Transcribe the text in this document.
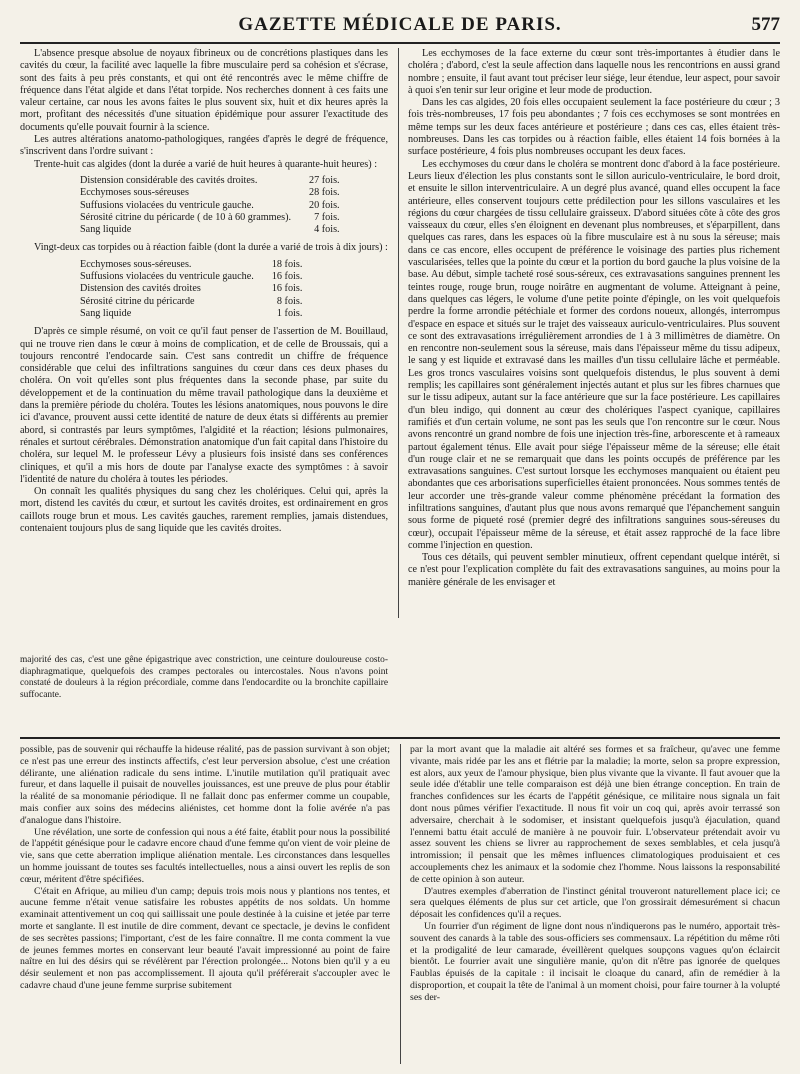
GAZETTE MÉDICALE DE PARIS.	577

L'absence presque absolue de noyaux fibrineux ou de concrétions plastiques dans les cavités du cœur, la facilité avec laquelle la fibre musculaire perd sa cohésion et s'écrase, sont des faits à peu près constants, et qui ont été rencontrés avec le même chiffre de fréquence dans l'état algide et dans l'état torpide. Nos recherches donnent à ces faits une valeur certaine, car nous les avons faites le plus souvent six, huit et dix heures après la mort, profitant des nécessités d'une situation épidémique pour assurer l'exactitude des documents qu'elle pouvait fournir à la science.

Les autres altérations anatomo-pathologiques, rangées d'après le degré de fréquence, s'inscrivent dans l'ordre suivant :

Trente-huit cas algides (dont la durée a varié de huit heures à quarante-huit heures) :

Distension considérable des cavités droites.	27 fois.
Ecchymoses sous-séreuses	28 fois.
Suffusions violacées du ventricule gauche.	20 fois.
Sérosité citrine du péricarde ( de 10 à 60 grammes).	7 fois.
Sang liquide	4 fois.

Vingt-deux cas torpides ou à réaction faible (dont la durée a varié de trois à dix jours) :

Ecchymoses sous-séreuses.	18 fois.
Suffusions violacées du ventricule gauche.	16 fois.
Distension des cavités droites	16 fois.
Sérosité citrine du péricarde	8 fois.
Sang liquide	1 fois.

D'après ce simple résumé, on voit ce qu'il faut penser de l'assertion de M. Bouillaud, qui ne trouve rien dans le cœur à moins de complication, et de celle de Broussais, qui a toujours rencontré l'endocarde sain. C'est sans contredit un chiffre de fréquence considérable que celui des infiltrations sanguines du cœur dans ces deux phases du choléra. On voit qu'elles sont plus fréquentes dans la seconde phase, par suite du développement et de la continuation du même travail pathologique dans la deuxième et dans la première période du choléra. Toutes les lésions anatomiques, nous pouvons le dire ici d'avance, prouvent aussi cette identité de nature de deux états si différents au premier abord, si contrastés par leurs symptômes, l'algidité et la réaction; lésions pulmonaires, rénales et surtout cérébrales. Démonstration anatomique d'un fait capital dans l'histoire du choléra, sur lequel M. le professeur Lévy a plusieurs fois insisté dans ses conférences cliniques, et qu'il a mis hors de doute par l'analyse exacte des symptômes : à savoir l'identité de nature du choléra à toutes les périodes.

On connaît les qualités physiques du sang chez les cholériques. Celui qui, après la mort, distend les cavités du cœur, et surtout les cavités droites, est ordinairement en gros caillots rouge brun et mous. Les cavités gauches, rarement remplies, jamais distendues, contenaient toujours plus de sang liquide que les cavités droites.

Les ecchymoses de la face externe du cœur sont très-importantes à étudier dans le choléra ; d'abord, c'est la seule affection dans laquelle nous les rencontrions en aussi grand nombre ; ensuite, il faut avant tout préciser leur siége, leur étendue, leur aspect, pour savoir à quoi s'en tenir sur leur origine et leur mode de production.

Dans les cas algides, 20 fois elles occupaient seulement la face postérieure du cœur ; 3 fois très-nombreuses, 17 fois peu abondantes ; 7 fois ces ecchymoses se sont montrées en même temps sur les deux faces antérieure et postérieure ; dans ces cas, elles étaient très-nombreuses. Dans les cas torpides ou à réaction faible, elles étaient 14 fois bornées à la surface postérieure, 4 fois plus nombreuses occupant les deux faces.

Les ecchymoses du cœur dans le choléra se montrent donc d'abord à la face postérieure. Leurs lieux d'élection les plus constants sont le sillon auriculo-ventriculaire, le bord droit, et ensuite le sillon interventriculaire. A un degré plus avancé, quand elles occupent la face antérieure, elles conservent toujours cette prédilection pour les sillons vasculaires et les régions du cœur chargées de tissu cellulaire graisseux. D'abord situées côte à côte des gros vaisseaux du cœur, elles s'en éloignent en devenant plus nombreuses, et s'éparpillent, dans quelques cas rares, dans les espaces où la fibre musculaire est à nu sous la séreuse; mais dans ce cas encore, elles occupent de préférence le voisinage des parties plus richement vascularisées, telles que la pointe du cœur et la portion du bord gauche la plus voisine de la base. Au début, simple tacheté rosé sous-séreux, ces extravasations sanguines prennent les teintes rouge, rouge brun, rouge noirâtre en augmentant de volume. Atteignant à peine, dans quelques cas légers, le volume d'une petite pointe d'épingle, on les voit quelquefois perdre la forme arrondie pétéchiale et former des cordons noueux, allongés, interrompus d'espace en espace et situés sur le trajet des vaisseaux auriculo-ventriculaires. Plus souvent ce sont des extravasations irrégulièrement arrondies de 1 à 3 millimètres de diamètre. On en rencontre non-seulement sous la séreuse, mais dans l'épaisseur même du tissu adipeux, le sang y est liquide et extravasé dans les mailles d'un tissu cellulaire lâche et perméable. Les gros troncs vasculaires voisins sont quelquefois distendus, le plus souvent à demi remplis; les capillaires sont généralement injectés autant et plus sur les fibres charnues que sur le tissu adipeux, autant sur la face antérieure que sur la face postérieure. Les capillaires d'un bleu indigo, qui donnent au cœur des cholériques l'aspect cyanique, capillaires ramifiés et d'un certain volume, ne sont pas les seuls que l'on rencontre sur le cœur. Nous avons rencontré un grand nombre de fois une injection très-fine, arborescente et à rameaux partout également ténus. Elle avait pour siége l'épaisseur même de la séreuse; elle était d'un rouge clair et ne se remarquait que dans les points occupés de préférence par les extravasations sanguines. C'est surtout lorsque les ecchymoses manquaient ou étaient peu abondantes que ces arborisations superficielles étaient prononcées. Nous sommes tentés de leur accorder une très-grande valeur comme phénomène précédant la formation des infiltrations sanguines, d'autant plus que nous avons remarqué que l'épanchement sanguin sous forme de piqueté rosé (premier degré des infiltrations sanguines sous-séreuses du cœur), occupait l'épaisseur même de la séreuse, et était assez rapproché de la face libre comme l'injection en question.

Tous ces détails, qui peuvent sembler minutieux, offrent cependant quelque intérêt, si ce n'est pour l'explication complète du fait des extravasations sanguines, au moins pour la manière générale de les envisager et

majorité des cas, c'est une gêne épigastrique avec constriction, une ceinture douloureuse costo-diaphragmatique, quelquefois des crampes pectorales ou intercostales. Nous n'avons point constaté de douleurs à la région précordiale, comme dans l'endocardite ou la bronchite capillaire suffocante.

possible, pas de souvenir qui réchauffe la hideuse réalité, pas de passion survivant à son objet; ce n'est pas une erreur des instincts affectifs, c'est leur perversion absolue, c'est une création délirante, une aliénation radicale du sens intime. L'inutile mutilation qu'il pratiquait avec fureur, et dans laquelle il puisait de nouvelles jouissances, est une preuve de plus pour établir la réalité de sa monomanie périodique. Il ne fallait donc pas enfermer comme un coupable, mais confier aux soins des médecins aliénistes, cet homme dont la folie avérée n'a pas d'analogue dans l'histoire.

Une révélation, une sorte de confession qui nous a été faite, établit pour nous la possibilité de l'appétit génésique pour le cadavre encore chaud d'une femme qu'on vient de voir pleine de vie, sans que cette aberration implique aliénation mentale. Les circonstances dans lesquelles un homme jouissant de toutes ses facultés intellectuelles, nous a ainsi ouvert les replis de son cœur, méritent d'être spécifiées.

C'était en Afrique, au milieu d'un camp; depuis trois mois nous y plantions nos tentes, et aucune femme n'était venue satisfaire les robustes appétits de nos soldats. Un homme examinait attentivement un coq qui saillissait une poule destinée à la cuisine et jetée par terre morte et sanglante. Il est inutile de dire comment, devant ce spectacle, je devins le confident de ses secrètes passions; l'important, c'est de les faire connaître. Il me conta comment la vue de jeunes femmes mortes en conservant leur beauté l'avait impressionné au point de faire naître en lui des désirs qui se révélèrent par l'érection prolongée... Notons bien qu'il y a eu désir seulement et non pas accomplissement. Il ajouta qu'il préférerait s'accoupler avec le cadavre chaud d'une jeune femme surprise subitement

par la mort avant que la maladie ait altéré ses formes et sa fraîcheur, qu'avec une femme vivante, mais ridée par les ans et flétrie par la maladie; la morte, selon sa propre expression, est alors, aux yeux de l'amour physique, bien plus vivante que la vivante. Il faut avouer que la seule idée d'établir une telle comparaison est déjà une bien étrange conception. En train de franches confidences sur les écarts de l'appétit génésique, ce militaire nous signala un fait dont nous pûmes vérifier l'exactitude. Il nous fit voir un coq qui, après avoir terrassé son adversaire, cherchait à le sodomiser, et insistant quelquefois jusqu'à éjaculation, quand l'ennemi battu était acculé de manière à ne pouvoir fuir. L'observateur prétendait avoir vu assez souvent les chiens se livrer au rapprochement de sexes semblables, et cela jusqu'à intromission; il pensait que les mêmes influences climatologiques produisaient et ces accouplements chez les animaux et la sodomie chez l'homme. Nous laissons la responsabilité de cette opinion à son auteur.

D'autres exemples d'aberration de l'instinct génital trouveront naturellement place ici; ce sera quelques éléments de plus sur cet article, que l'on grossirait démesurément si chacun déposait les confidences qu'il a reçues.

Un fourrier d'un régiment de ligne dont nous n'indiquerons pas le numéro, apportait très-souvent des canards à la table des sous-officiers ses commensaux. La répétition du même rôti et la prodigalité de leur camarade, éveillèrent quelques soupçons vagues qu'on éclaircit bientôt. Le fourrier avait une singulière manie, qu'on dit n'être pas ignorée de quelques Faublas épuisés de la capitale : il incisait le cloaque du canard, afin de remédier à la disproportion, et coupait la tête de l'animal à un moment choisi, pour faire tourner à la volupté ses der-
